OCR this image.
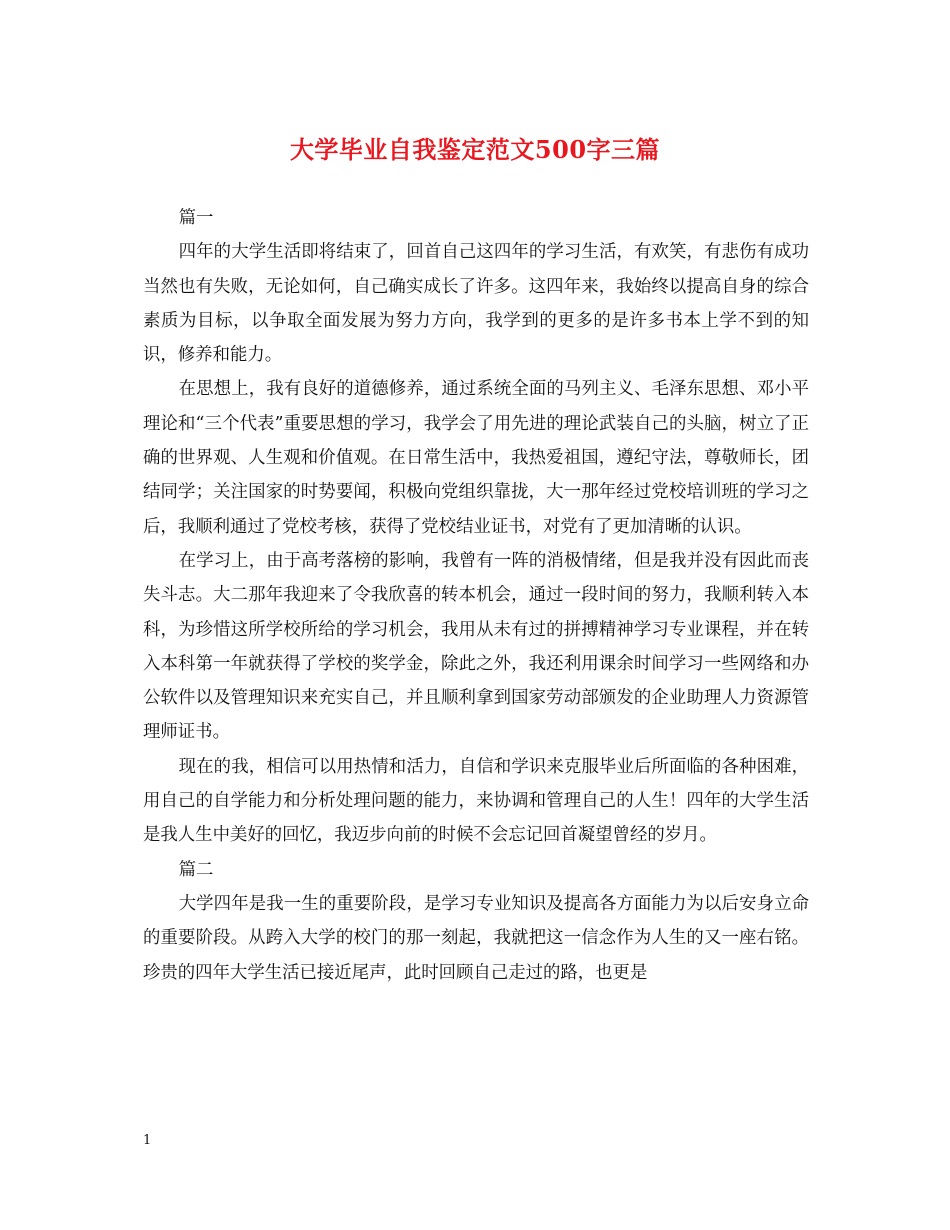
大学毕业自我鉴定范文500字三篇

篇一

四年的大学生活即将结束了，回首自己这四年的学习生活，有欢笑，有悲伤有成功当然也有失败，无论如何，自己确实成长了许多。这四年来，我始终以提高自身的综合素质为目标，以争取全面发展为努力方向，我学到的更多的是许多书本上学不到的知识，修养和能力。

在思想上，我有良好的道德修养，通过系统全面的马列主义、毛泽东思想、邓小平理论和“三个代表”重要思想的学习，我学会了用先进的理论武装自己的头脑，树立了正确的世界观、人生观和价值观。在日常生活中，我热爱祖国，遵纪守法，尊敬师长，团结同学；关注国家的时势要闻，积极向党组织靠拢，大一那年经过党校培训班的学习之后，我顺利通过了党校考核，获得了党校结业证书，对党有了更加清晰的认识。

在学习上，由于高考落榜的影响，我曾有一阵的消极情绪，但是我并没有因此而丧失斗志。大二那年我迎来了令我欣喜的转本机会，通过一段时间的努力，我顺利转入本科，为珍惜这所学校所给的学习机会，我用从未有过的拼搏精神学习专业课程，并在转入本科第一年就获得了学校的奖学金，除此之外，我还利用课余时间学习一些网络和办公软件以及管理知识来充实自己，并且顺利拿到国家劳动部颁发的企业助理人力资源管理师证书。

现在的我，相信可以用热情和活力，自信和学识来克服毕业后所面临的各种困难，用自己的自学能力和分析处理问题的能力，来协调和管理自己的人生！四年的大学生活是我人生中美好的回忆，我迈步向前的时候不会忘记回首凝望曾经的岁月。

篇二

大学四年是我一生的重要阶段，是学习专业知识及提高各方面能力为以后安身立命的重要阶段。从跨入大学的校门的那一刻起，我就把这一信念作为人生的又一座右铭。珍贵的四年大学生活已接近尾声，此时回顾自己走过的路，也更是

1
